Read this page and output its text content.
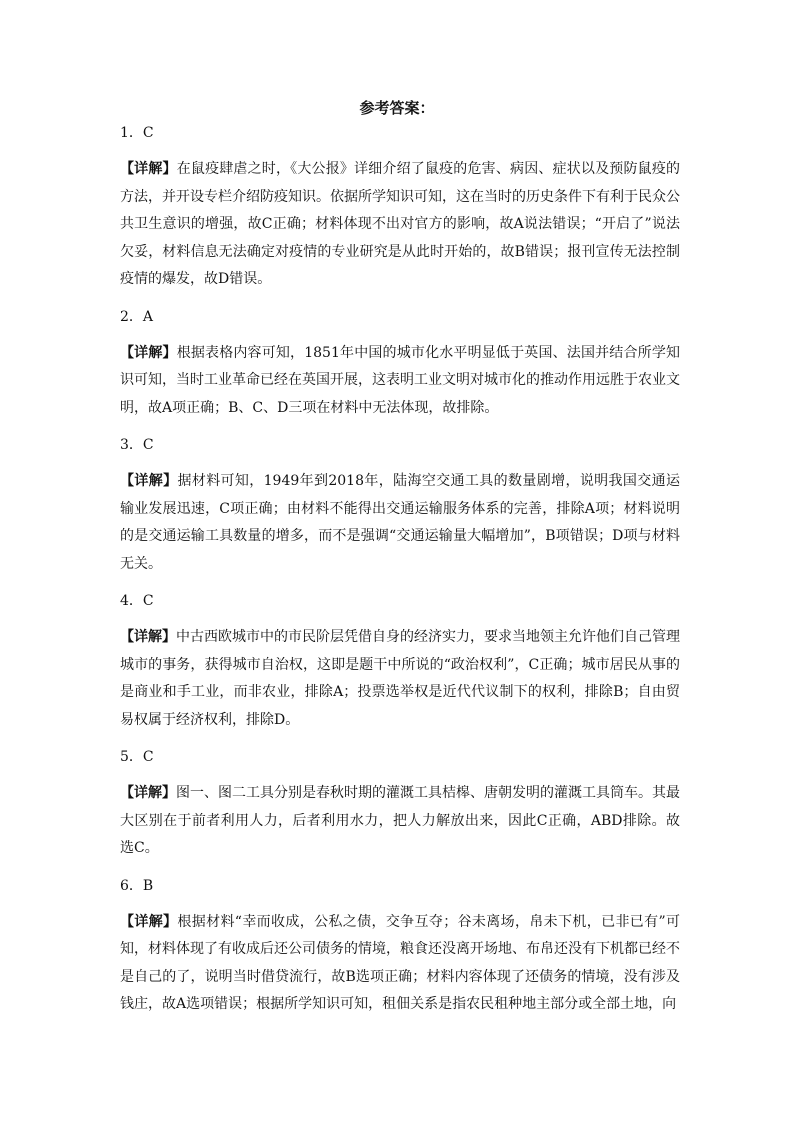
参考答案：
1．C
【详解】在鼠疫肆虐之时，《大公报》详细介绍了鼠疫的危害、病因、症状以及预防鼠疫的方法，并开设专栏介绍防疫知识。依据所学知识可知，这在当时的历史条件下有利于民众公共卫生意识的增强，故C正确；材料体现不出对官方的影响，故A说法错误；“开启了”说法欠妥，材料信息无法确定对疫情的专业研究是从此时开始的，故B错误；报刊宣传无法控制疫情的爆发，故D错误。
2．A
【详解】根据表格内容可知，1851年中国的城市化水平明显低于英国、法国并结合所学知识可知，当时工业革命已经在英国开展，这表明工业文明对城市化的推动作用远胜于农业文明，故A项正确；B、C、D三项在材料中无法体现，故排除。
3．C
【详解】据材料可知，1949年到2018年，陆海空交通工具的数量剧增，说明我国交通运输业发展迅速，C项正确；由材料不能得出交通运输服务体系的完善，排除A项；材料说明的是交通运输工具数量的增多，而不是强调“交通运输量大幅增加”，B项错误；D项与材料无关。
4．C
【详解】中古西欧城市中的市民阶层凭借自身的经济实力，要求当地领主允许他们自己管理城市的事务，获得城市自治权，这即是题干中所说的“政治权利”，C正确；城市居民从事的是商业和手工业，而非农业，排除A；投票选举权是近代代议制下的权利，排除B；自由贸易权属于经济权利，排除D。
5．C
【详解】图一、图二工具分别是春秋时期的灌溉工具桔槔、唐朝发明的灌溉工具筒车。其最大区别在于前者利用人力，后者利用水力，把人力解放出来，因此C正确，ABD排除。故选C。
6．B
【详解】根据材料“幸而收成，公私之债，交争互夺；谷未离场，帛未下机，已非已有”可知，材料体现了有收成后还公司债务的情境，粮食还没离开场地、布帛还没有下机都已经不是自己的了，说明当时借贷流行，故B选项正确；材料内容体现了还债务的情境，没有涉及钱庄，故A选项错误；根据所学知识可知，租佃关系是指农民租种地主部分或全部土地，向
